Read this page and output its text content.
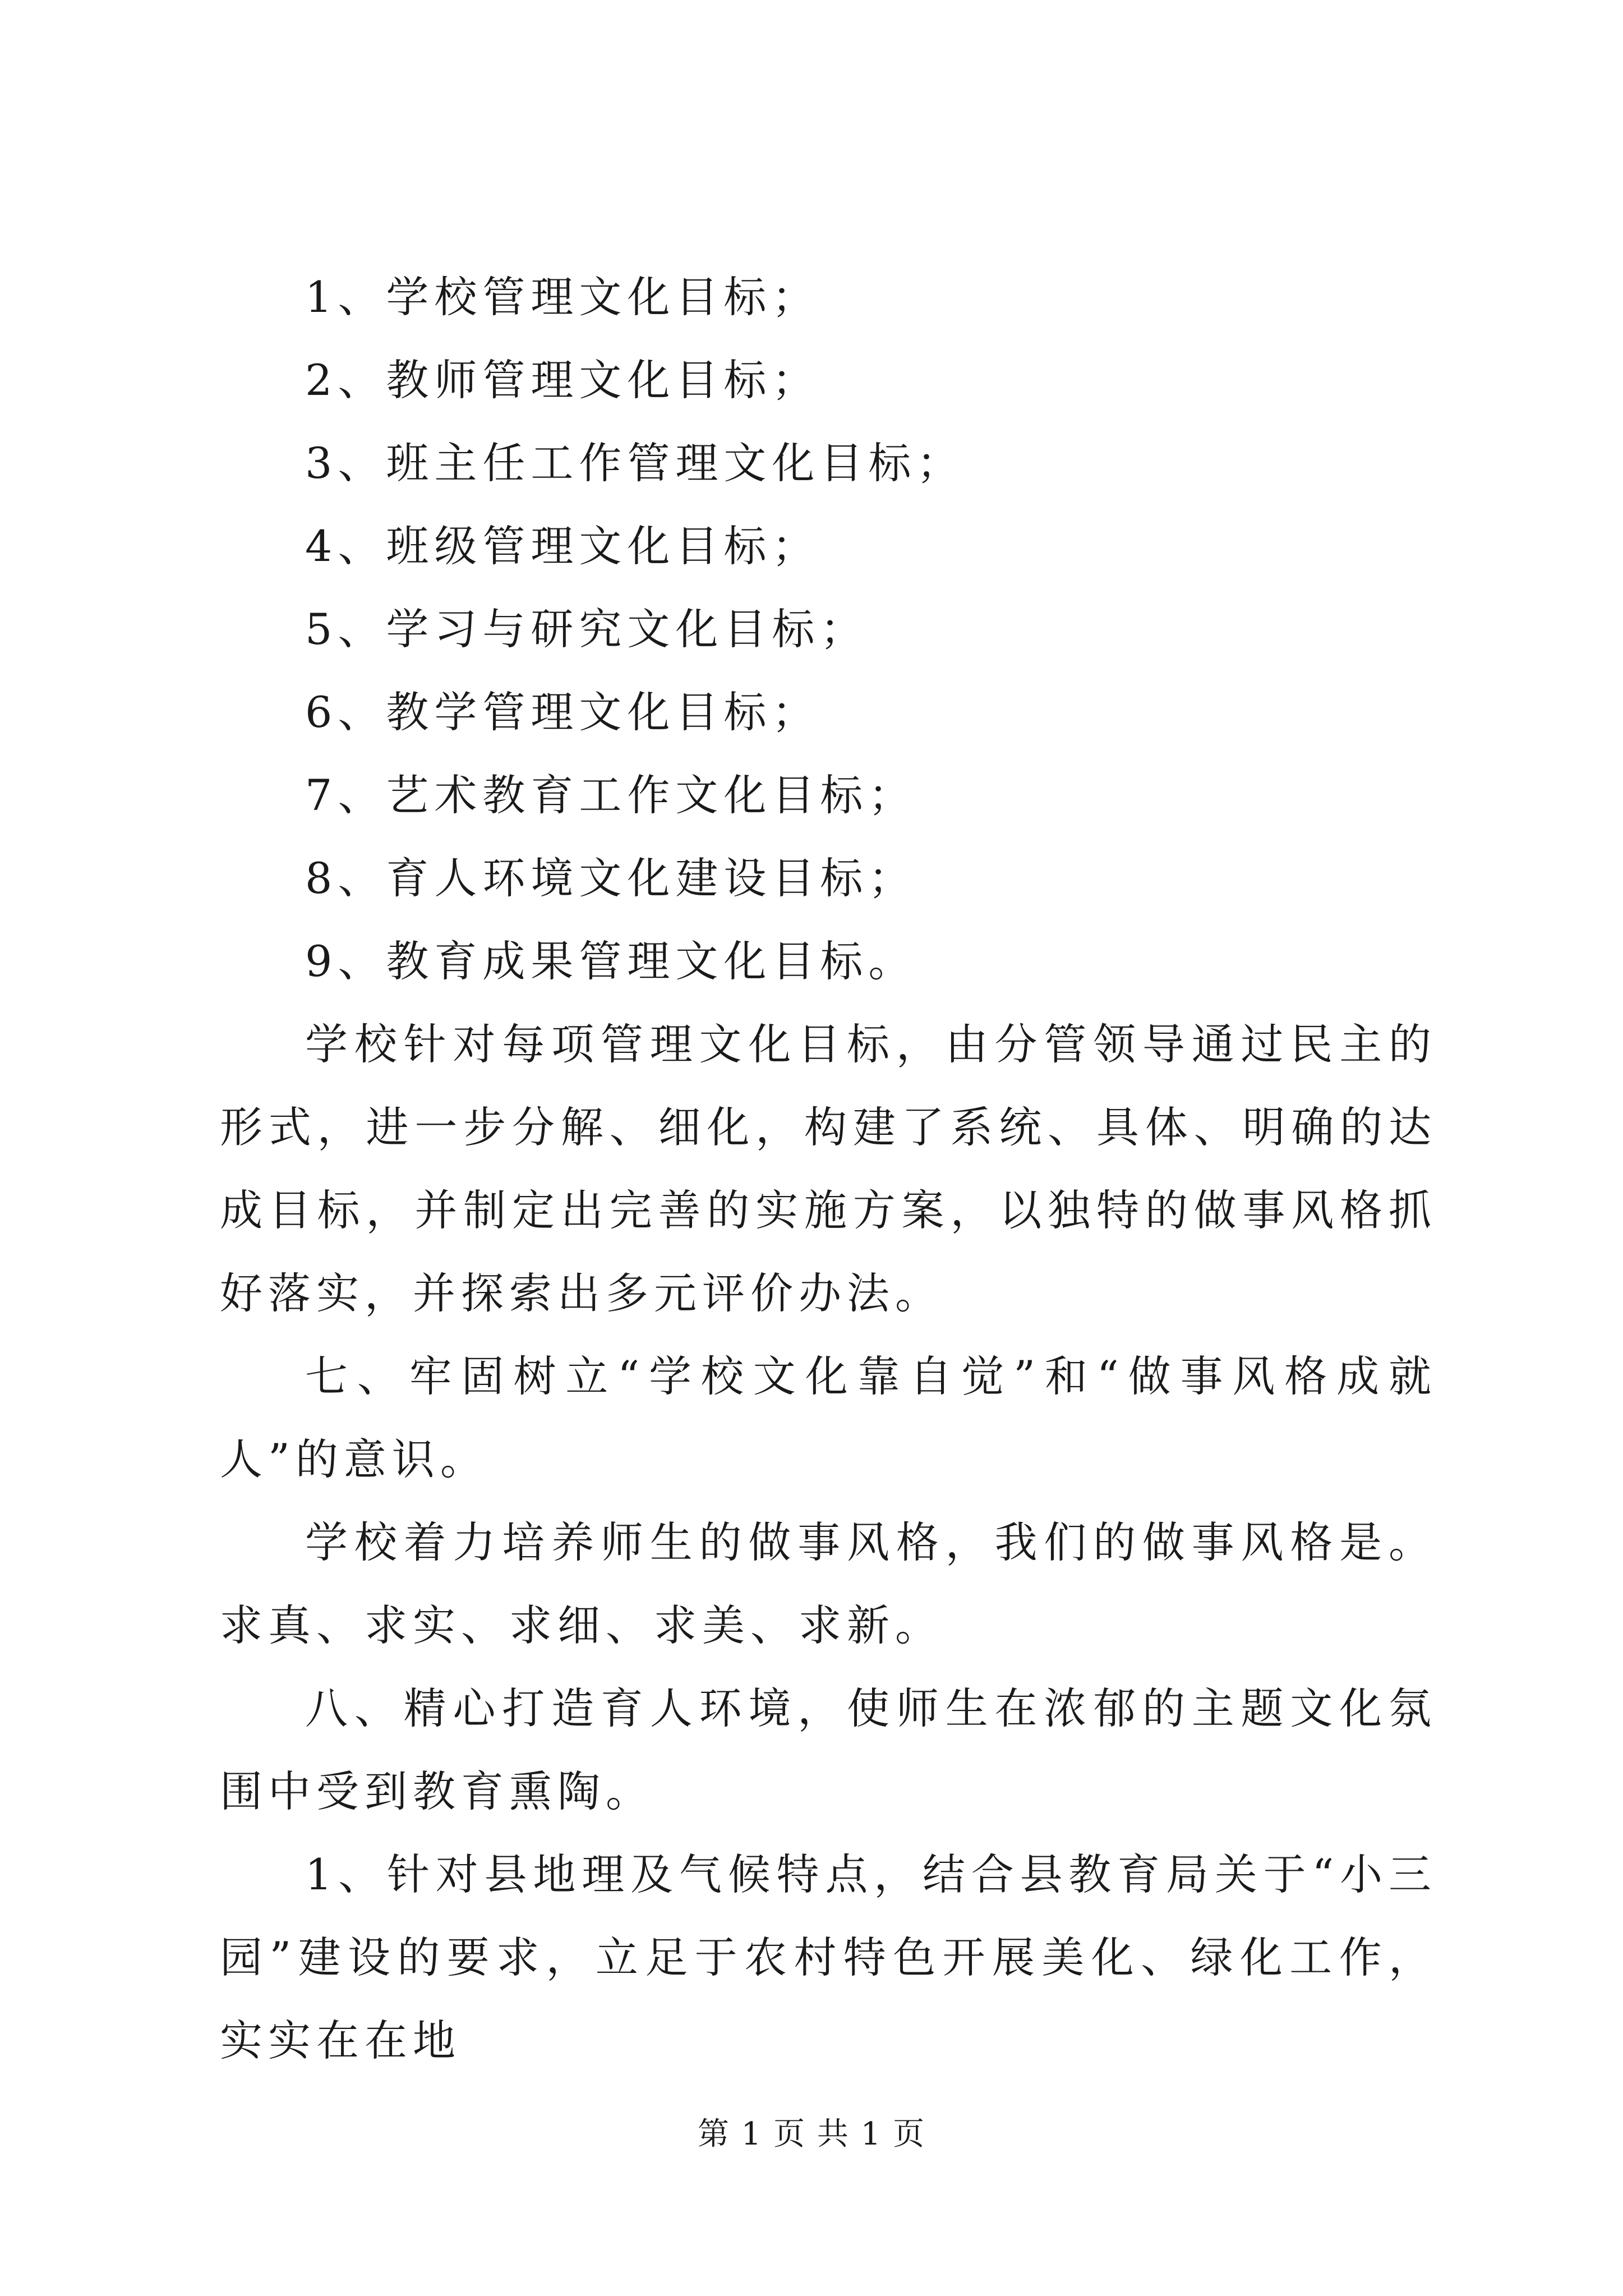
1、学校管理文化目标；

2、教师管理文化目标；

3、班主任工作管理文化目标；

4、班级管理文化目标；

5、学习与研究文化目标；

6、教学管理文化目标；

7、艺术教育工作文化目标；

8、育人环境文化建设目标；

9、教育成果管理文化目标。

学校针对每项管理文化目标，由分管领导通过民主的形式，进一步分解、细化，构建了系统、具体、明确的达成目标，并制定出完善的实施方案，以独特的做事风格抓好落实，并探索出多元评价办法。

七、牢固树立“学校文化靠自觉”和“做事风格成就人”的意识。

学校着力培养师生的做事风格，我们的做事风格是。求真、求实、求细、求美、求新。

八、精心打造育人环境，使师生在浓郁的主题文化氛围中受到教育熏陶。

1、针对县地理及气候特点，结合县教育局关于“小三园”建设的要求，立足于农村特色开展美化、绿化工作，实实在在地

第 1 页 共 1 页
